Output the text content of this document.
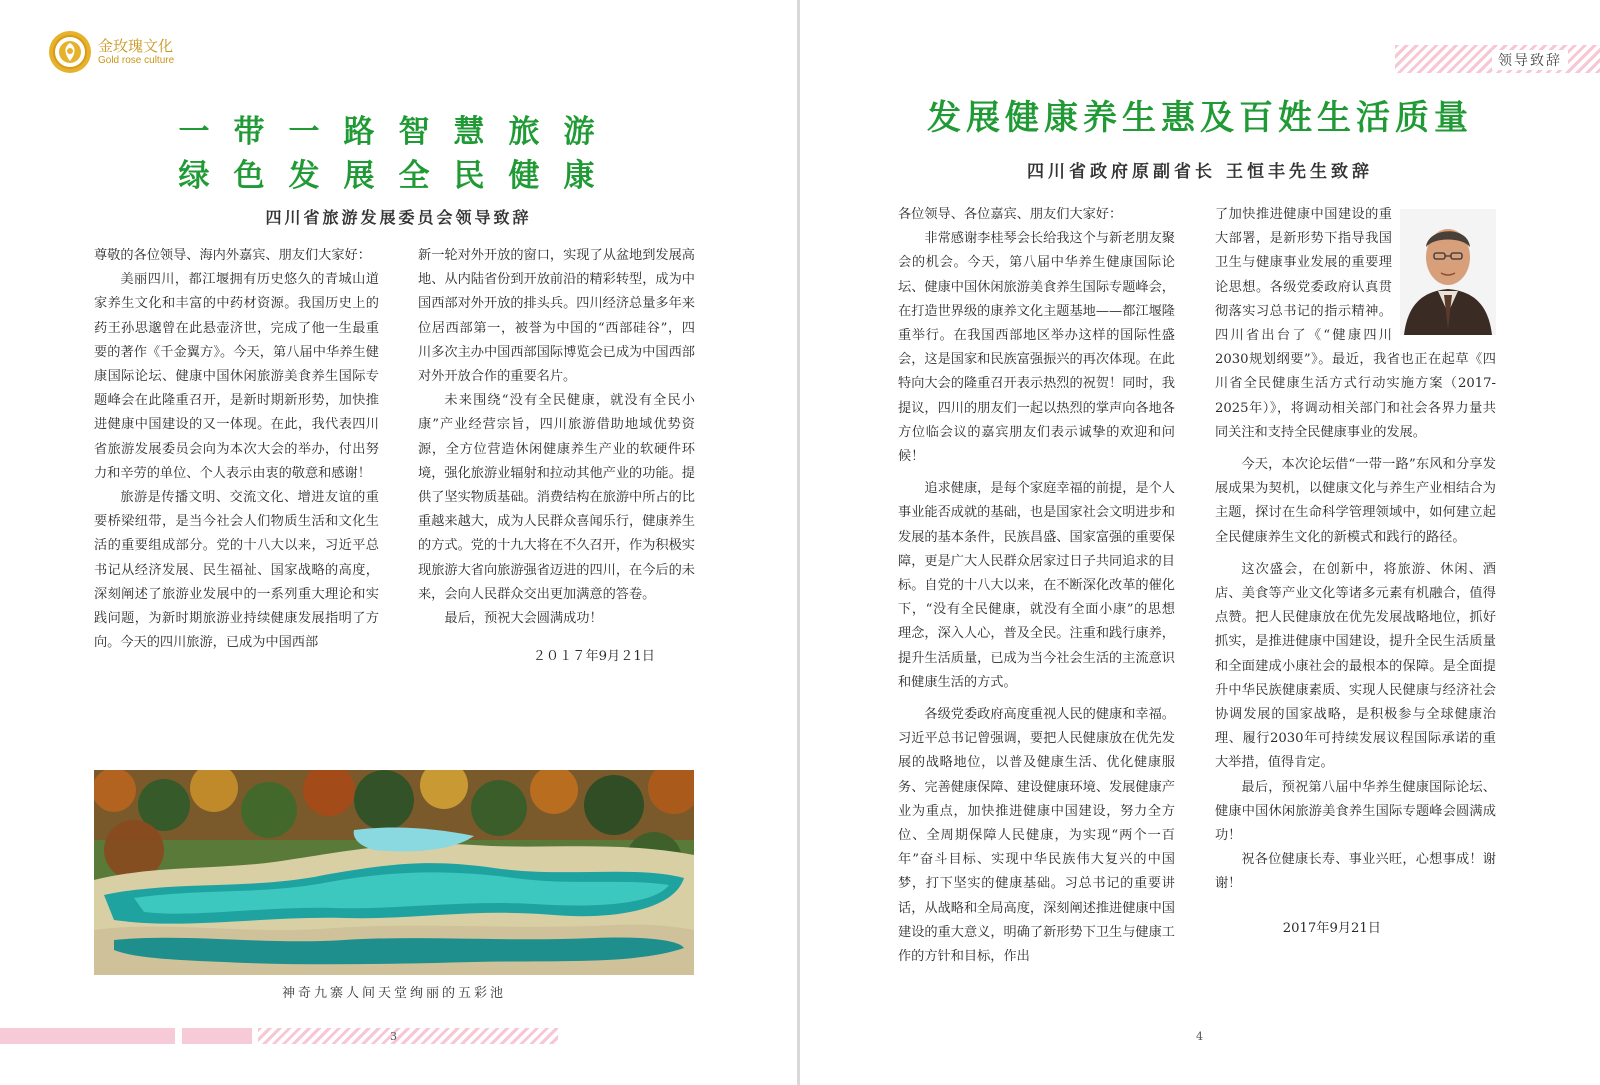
金玫瑰文化
Gold rose culture
一带一路智慧旅游
绿色发展全民健康
四川省旅游发展委员会领导致辞

尊敬的各位领导、海内外嘉宾、朋友们大家好：

美丽四川，都江堰拥有历史悠久的青城山道家养生文化和丰富的中药材资源。我国历史上的药王孙思邈曾在此悬壶济世，完成了他一生最重要的著作《千金翼方》。今天，第八届中华养生健康国际论坛、健康中国休闲旅游美食养生国际专题峰会在此隆重召开，是新时期新形势，加快推进健康中国建设的又一体现。在此，我代表四川省旅游发展委员会向为本次大会的举办，付出努力和辛劳的单位、个人表示由衷的敬意和感谢！

旅游是传播文明、交流文化、增进友谊的重要桥梁纽带，是当今社会人们物质生活和文化生活的重要组成部分。党的十八大以来，习近平总书记从经济发展、民生福祉、国家战略的高度，深刻阐述了旅游业发展中的一系列重大理论和实践问题，为新时期旅游业持续健康发展指明了方向。今天的四川旅游，已成为中国西部

新一轮对外开放的窗口，实现了从盆地到发展高地、从内陆省份到开放前沿的精彩转型，成为中国西部对外开放的排头兵。四川经济总量多年来位居西部第一，被誉为中国的“西部硅谷”，四川多次主办中国西部国际博览会已成为中国西部对外开放合作的重要名片。

未来围绕“没有全民健康，就没有全民小康”产业经营宗旨，四川旅游借助地域优势资源，全方位营造休闲健康养生产业的软硬件环境，强化旅游业辐射和拉动其他产业的功能。提供了坚实物质基础。消费结构在旅游中所占的比重越来越大，成为人民群众喜闻乐行，健康养生的方式。党的十九大将在不久召开，作为积极实现旅游大省向旅游强省迈进的四川，在今后的未来，会向人民群众交出更加满意的答卷。

最后，预祝大会圆满成功！

２０１７年9月２1日

神奇九寨人间天堂绚丽的五彩池
3
领导致辞
发展健康养生惠及百姓生活质量
四川省政府原副省长 王恒丰先生致辞

各位领导、各位嘉宾、朋友们大家好：

非常感谢李桂琴会长给我这个与新老朋友聚会的机会。今天，第八届中华养生健康国际论坛、健康中国休闲旅游美食养生国际专题峰会，在打造世界级的康养文化主题基地——都江堰隆重举行。在我国西部地区举办这样的国际性盛会，这是国家和民族富强振兴的再次体现。在此特向大会的隆重召开表示热烈的祝贺！同时，我提议，四川的朋友们一起以热烈的掌声向各地各方位临会议的嘉宾朋友们表示诚挚的欢迎和问候！

追求健康，是每个家庭幸福的前提，是个人事业能否成就的基础，也是国家社会文明进步和发展的基本条件，民族昌盛、国家富强的重要保障，更是广大人民群众居家过日子共同追求的目标。自党的十八大以来，在不断深化改革的催化下，“没有全民健康，就没有全面小康”的思想理念，深入人心，普及全民。注重和践行康养，提升生活质量，已成为当今社会生活的主流意识和健康生活的方式。

各级党委政府高度重视人民的健康和幸福。习近平总书记曾强调，要把人民健康放在优先发展的战略地位，以普及健康生活、优化健康服务、完善健康保障、建设健康环境、发展健康产业为重点，加快推进健康中国建设，努力全方位、全周期保障人民健康，为实现“两个一百年”奋斗目标、实现中华民族伟大复兴的中国梦，打下坚实的健康基础。习总书记的重要讲话，从战略和全局高度，深刻阐述推进健康中国建设的重大意义，明确了新形势下卫生与健康工作的方针和目标，作出

了加快推进健康中国建设的重大部署，是新形势下指导我国卫生与健康事业发展的重要理论思想。各级党委政府认真贯彻落实习总书记的指示精神。四川省出台了《“健康四川2030规划纲要”》。最近，我省也正在起草《四川省全民健康生活方式行动实施方案（2017-2025年）》，将调动相关部门和社会各界力量共同关注和支持全民健康事业的发展。

今天，本次论坛借“一带一路”东风和分享发展成果为契机，以健康文化与养生产业相结合为主题，探讨在生命科学管理领域中，如何建立起全民健康养生文化的新模式和践行的路径。

这次盛会，在创新中，将旅游、休闲、酒店、美食等产业文化等诸多元素有机融合，值得点赞。把人民健康放在优先发展战略地位，抓好抓实，是推进健康中国建设，提升全民生活质量和全面建成小康社会的最根本的保障。是全面提升中华民族健康素质、实现人民健康与经济社会协调发展的国家战略，是积极参与全球健康治理、履行2030年可持续发展议程国际承诺的重大举措，值得肯定。

最后，预祝第八届中华养生健康国际论坛、健康中国休闲旅游美食养生国际专题峰会圆满成功！

祝各位健康长寿、事业兴旺，心想事成！谢谢！

2017年9月21日

4
